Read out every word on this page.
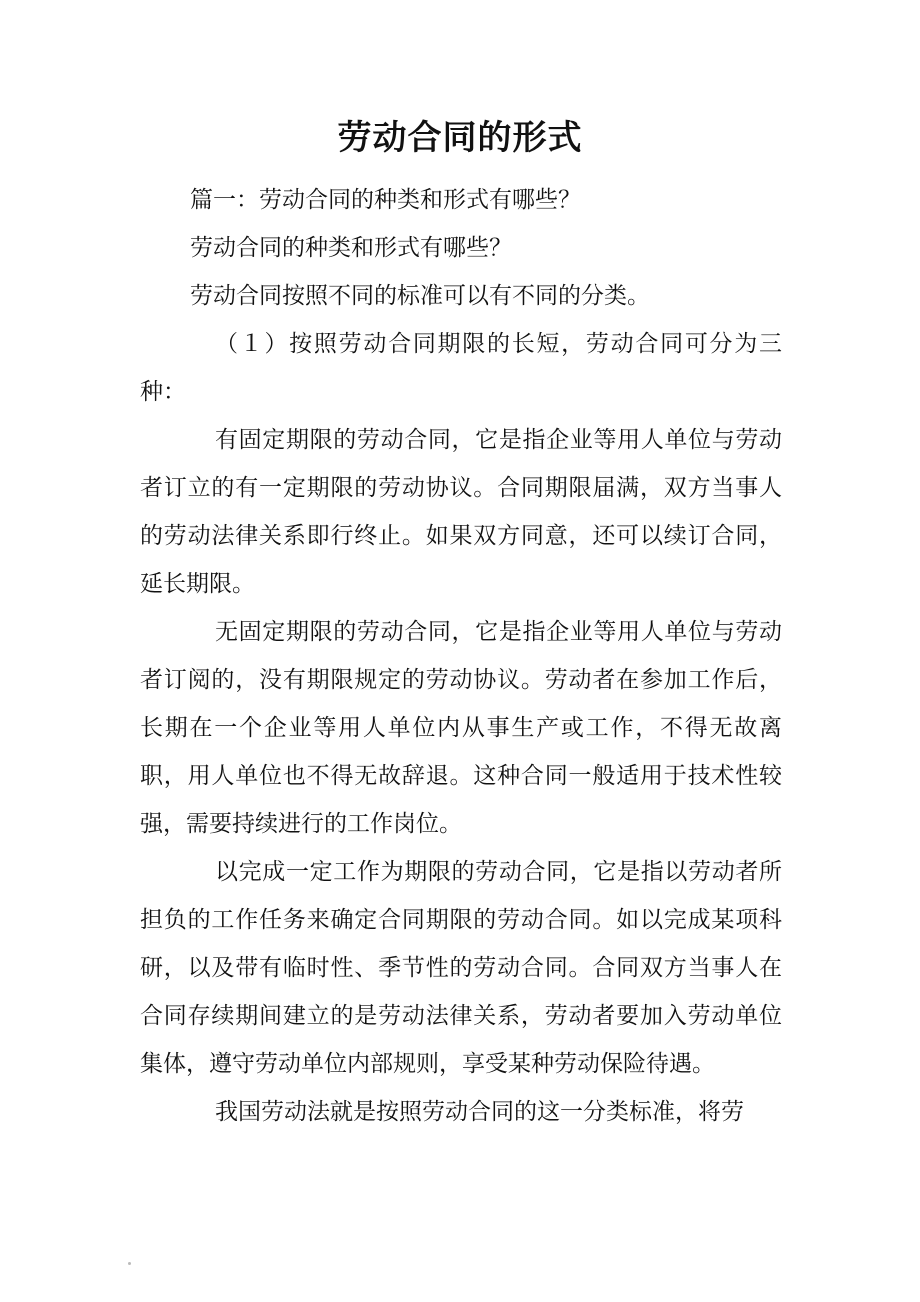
劳动合同的形式

篇一：劳动合同的种类和形式有哪些？

劳动合同的种类和形式有哪些？

劳动合同按照不同的标准可以有不同的分类。

（１）按照劳动合同期限的长短，劳动合同可分为三种：

有固定期限的劳动合同，它是指企业等用人单位与劳动者订立的有一定期限的劳动协议。合同期限届满，双方当事人的劳动法律关系即行终止。如果双方同意，还可以续订合同，延长期限。

无固定期限的劳动合同，它是指企业等用人单位与劳动者订阅的，没有期限规定的劳动协议。劳动者在参加工作后，长期在一个企业等用人单位内从事生产或工作，不得无故离职，用人单位也不得无故辞退。这种合同一般适用于技术性较强，需要持续进行的工作岗位。

以完成一定工作为期限的劳动合同，它是指以劳动者所担负的工作任务来确定合同期限的劳动合同。如以完成某项科研，以及带有临时性、季节性的劳动合同。合同双方当事人在合同存续期间建立的是劳动法律关系，劳动者要加入劳动单位集体，遵守劳动单位内部规则，享受某种劳动保险待遇。

我国劳动法就是按照劳动合同的这一分类标准，将劳
